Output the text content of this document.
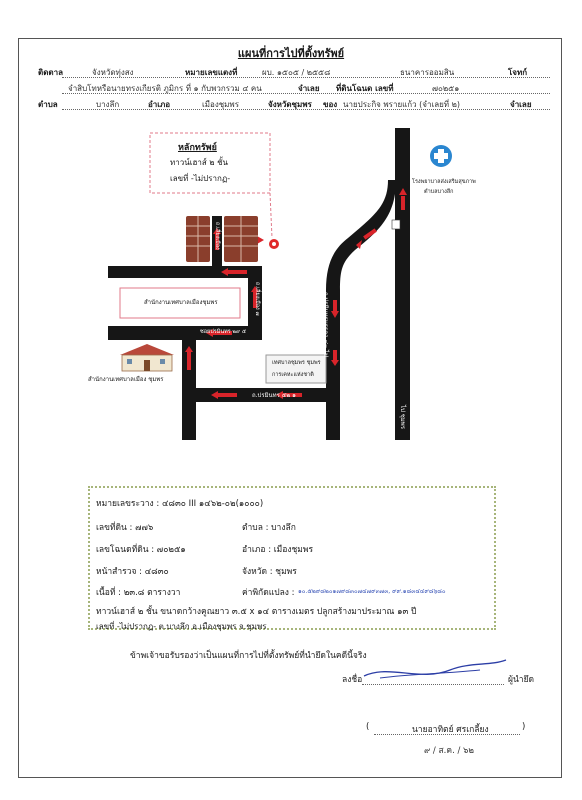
แผนที่การไปที่ตั้งทรัพย์
ติดตาล	จังหวัดทุ่งสง	หมายเลขแตงที่	ผบ. ๑๕๐๕ / ๒๕๕๘	ธนาคารออมสิน	โจทก์
จำสิบโทหรือนายทรงเกียรติ ภูมิกร ที่ ๑ กับพวกรวม ๔ คน	จำเลย ที่ดินโฉนด เลขที่	๗๐๒๕๑
ตำบล	บางลึก	อำเภอ	เมืองชุมพร	จังหวัดชุมพร ของ นายประกิจ พรายแก้ว (จำเลยที่ ๒)	จำเลย
หลักทรัพย์
ทาวน์เฮาส์ ๒ ชั้น
เลขที่ -ไม่ปรากฏ-	โรงพยาบาลส่งเสริมสุขภาพ
ตำบลบางลึก
ถ.พิศเขต
ถ.ปรมินทรมรรคา ๔๓ ไป
ไป ชุมพร
ถ.เลี่ยงเมือง
ถ.เลี่ยงเมือง ๗
ซอยปรมินทร ๒๙ ๕
ถ.ปรมินทร ๕๒ ๑
สำนักงานเทศบาลเมืองชุมพร
สำนักงานเทศบาลเมือง ชุมพร
เทศบาลชุมพร ชุมพร
การเคหะแห่งชาติ
หมายเลขระวาง : ๔๘๓๐ III ๑๔๖๒-๐๒(๑๐๐๐)
เลขที่ดิน : ๗๗๖	ตำบล : บางลึก
เลขโฉนดที่ดิน : ๗๐๒๕๑	อำเภอ : เมืองชุมพร
หน้าสำรวจ : ๔๘๓๐	จังหวัด : ชุมพร
เนื้อที่ : ๒๓.๘ ตารางวา	ค่าพิกัดแปลง : ๑๐.๕๒๙๘๒๐๑๗๙๘๓๐๗๔๗๙๓๗๓, ๙๙.๑๘๓๔๔๙๘๖๘๐
ทาวน์เฮาส์ ๒ ชั้น ขนาดกว้างคูณยาว ๓.๕ x ๑๔ ตารางเมตร ปลูกสร้างมาประมาณ ๑๓ ปี
เลขที่ -ไม่ปรากฏ- ต.บางลึก อ.เมืองชุมพร จ.ชุมพร
ข้าพเจ้าขอรับรองว่าเป็นแผนที่การไปที่ตั้งทรัพย์ที่นำยึดในคดีนี้จริง
ลงชื่อ	ผู้นำยึด
(	นายอาทิตย์ ศรเกลี้ยง	)
๙ / ส.ค. / ๖๒
